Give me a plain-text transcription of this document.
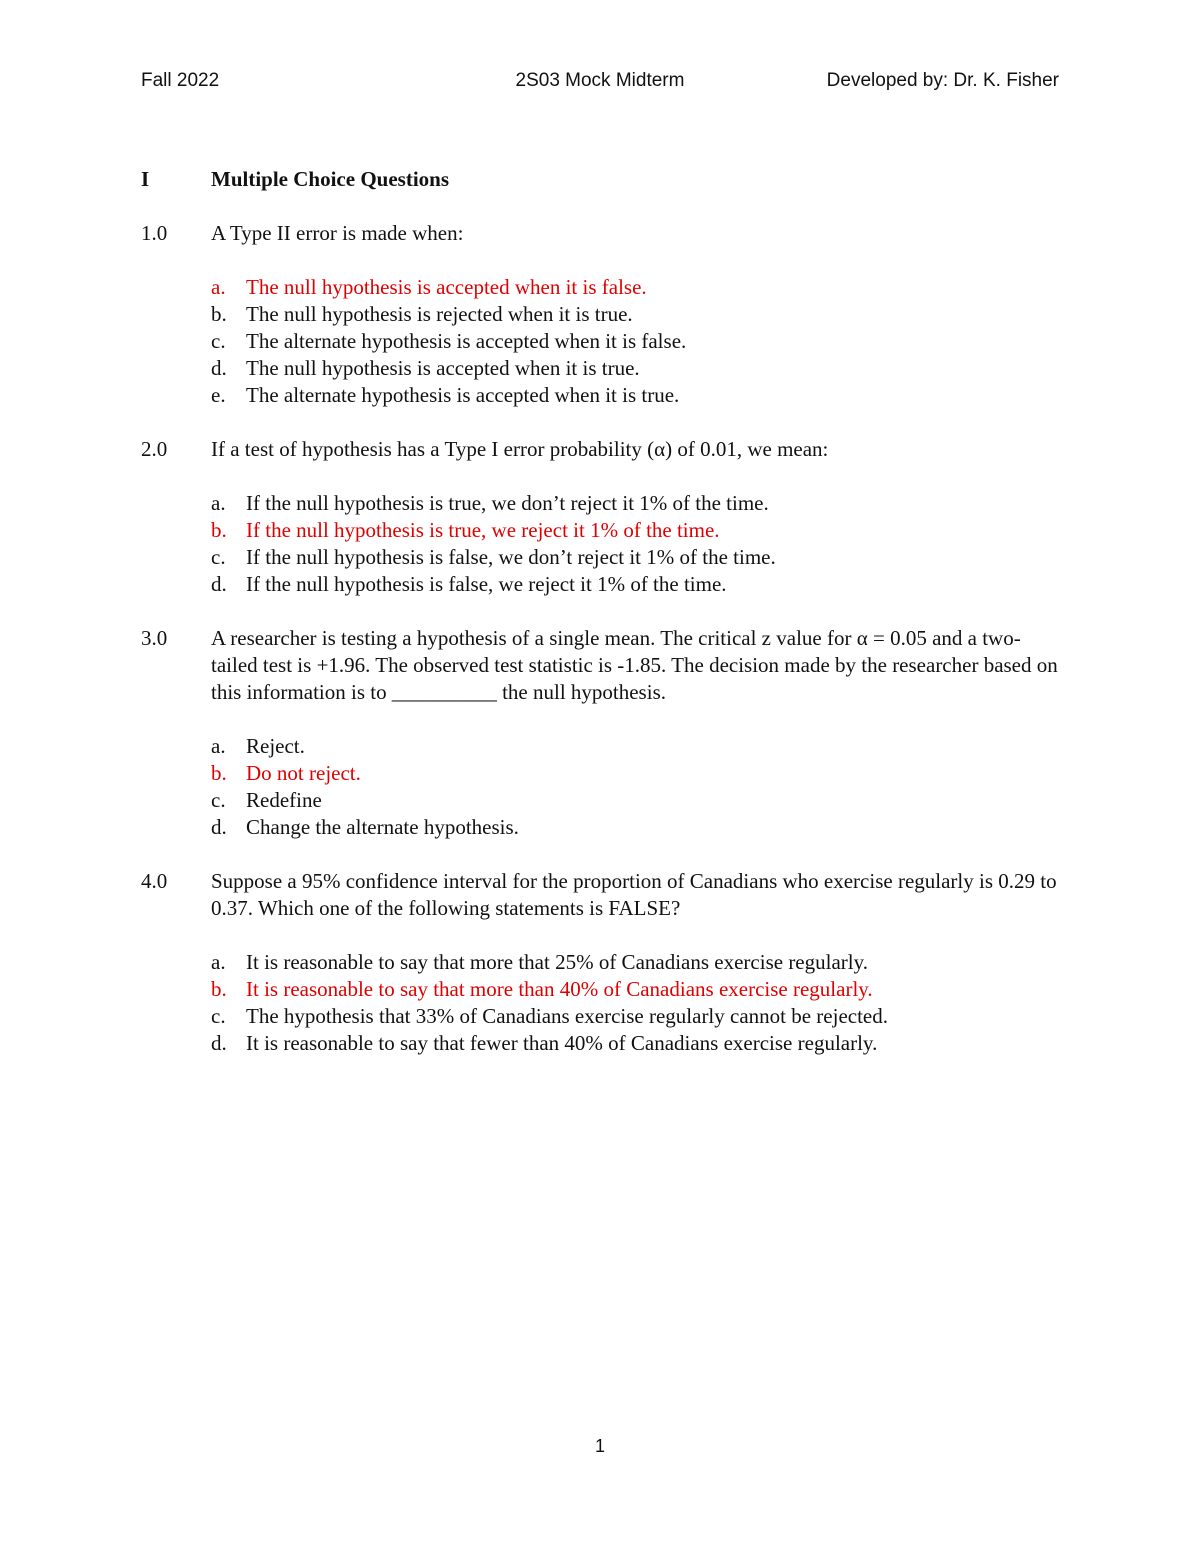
Fall 2022	2S03 Mock Midterm	Developed by: Dr. K. Fisher
I	Multiple Choice Questions
1.0	A Type II error is made when:
a. The null hypothesis is accepted when it is false.
b. The null hypothesis is rejected when it is true.
c. The alternate hypothesis is accepted when it is false.
d. The null hypothesis is accepted when it is true.
e. The alternate hypothesis is accepted when it is true.
2.0	If a test of hypothesis has a Type I error probability (α) of 0.01, we mean:
a. If the null hypothesis is true, we don’t reject it 1% of the time.
b. If the null hypothesis is true, we reject it 1% of the time.
c. If the null hypothesis is false, we don’t reject it 1% of the time.
d. If the null hypothesis is false, we reject it 1% of the time.
3.0	A researcher is testing a hypothesis of a single mean. The critical z value for α = 0.05 and a two-tailed test is +1.96. The observed test statistic is -1.85. The decision made by the researcher based on this information is to __________ the null hypothesis.
a. Reject.
b. Do not reject.
c. Redefine
d. Change the alternate hypothesis.
4.0	Suppose a 95% confidence interval for the proportion of Canadians who exercise regularly is 0.29 to 0.37. Which one of the following statements is FALSE?
a. It is reasonable to say that more that 25% of Canadians exercise regularly.
b. It is reasonable to say that more than 40% of Canadians exercise regularly.
c. The hypothesis that 33% of Canadians exercise regularly cannot be rejected.
d. It is reasonable to say that fewer than 40% of Canadians exercise regularly.
1
